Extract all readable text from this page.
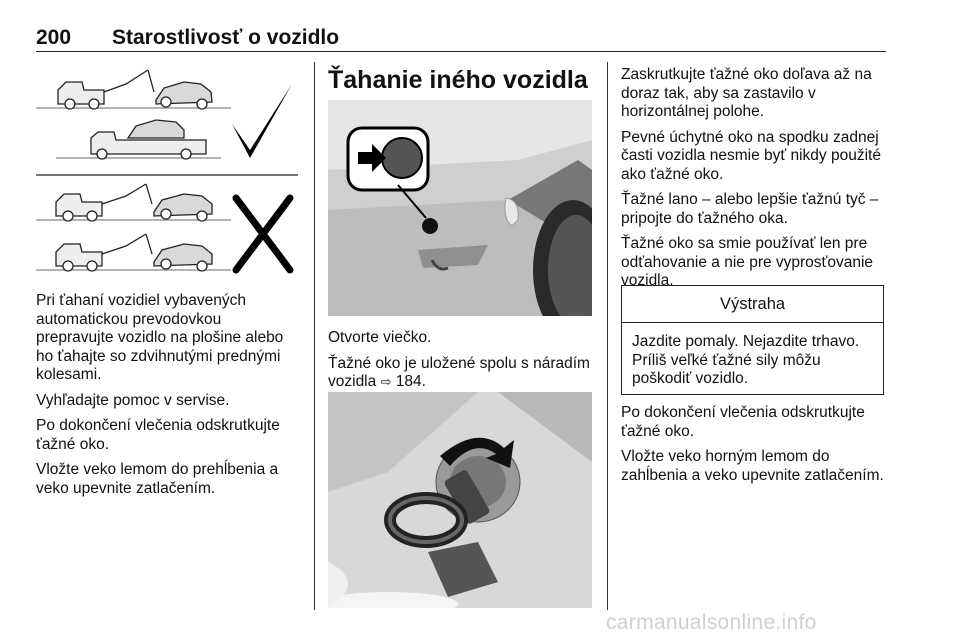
200 Starostlivosť o vozidlo

Pri ťahaní vozidiel vybavených automatickou prevodovkou prepravujte vozidlo na plošine alebo ho ťahajte so zdvihnutými prednými kolesami.

Vyhľadajte pomoc v servise.

Po dokončení vlečenia odskrutkujte ťažné oko.

Vložte veko lemom do prehĺbenia a veko upevnite zatlačením.

Ťahanie iného vozidla

Otvorte viečko.

Ťažné oko je uložené spolu s náradím vozidla ⇨ 184.

Zaskrutkujte ťažné oko doľava až na doraz tak, aby sa zastavilo v horizontálnej polohe.

Pevné úchytné oko na spodku zadnej časti vozidla nesmie byť nikdy použité ako ťažné oko.

Ťažné lano – alebo lepšie ťažnú tyč – pripojte do ťažného oka.

Ťažné oko sa smie používať len pre odťahovanie a nie pre vyprosťovanie vozidla.

Výstraha
Jazdite pomaly. Nejazdite trhavo. Príliš veľké ťažné sily môžu poškodiť vozidlo.

Po dokončení vlečenia odskrutkujte ťažné oko.

Vložte veko horným lemom do zahĺbenia a veko upevnite zatlačením.

carmanualsonline.info
